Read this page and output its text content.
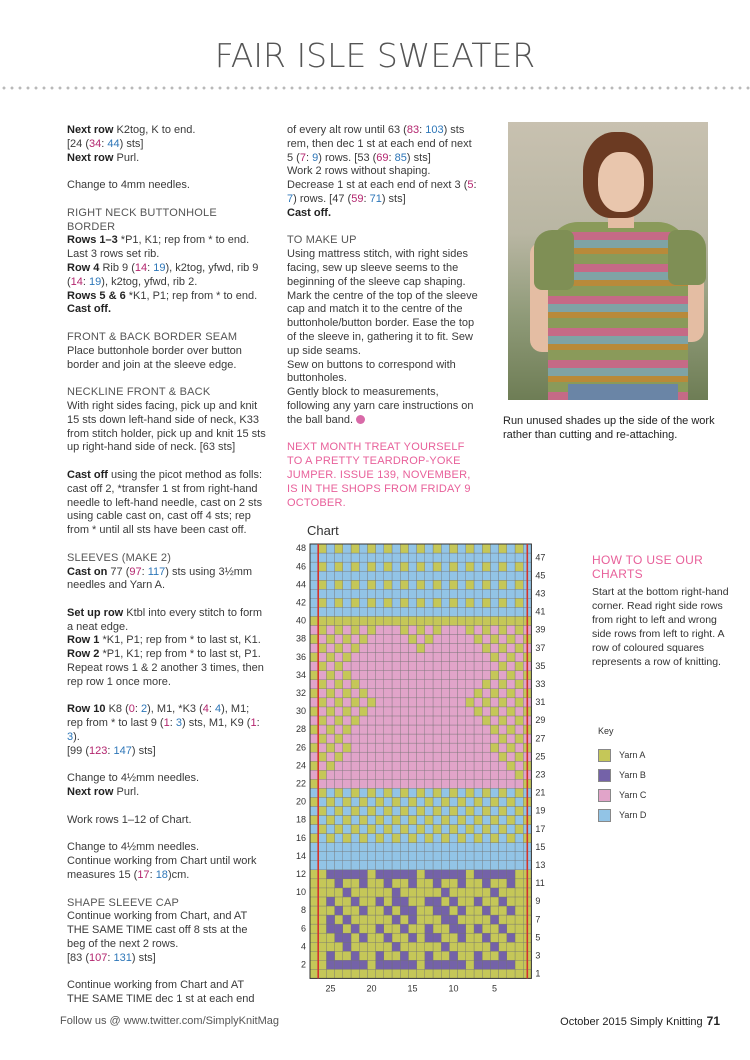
FAIR ISLE SWEATER

Next row K2tog, K to end.
[24 (34: 44) sts]
Next row Purl.

Change to 4mm needles.

RIGHT NECK BUTTONHOLE BORDER

Rows 1–3 *P1, K1; rep from * to end. Last 3 rows set rib.
Row 4 Rib 9 (14: 19), k2tog, yfwd, rib 9 (14: 19), k2tog, yfwd, rib 2.
Rows 5 & 6 *K1, P1; rep from * to end.
Cast off.

FRONT & BACK BORDER SEAM

Place buttonhole border over button border and join at the sleeve edge.

NECKLINE FRONT & BACK

With right sides facing, pick up and knit 15 sts down left-hand side of neck, K33 from stitch holder, pick up and knit 15 sts up right-hand side of neck. [63 sts]

Cast off using the picot method as folls: cast off 2, *transfer 1 st from right-hand needle to left-hand needle, cast on 2 sts using cable cast on, cast off 4 sts; rep from * until all sts have been cast off.

SLEEVES (MAKE 2)

Cast on 77 (97: 117) sts using 3½mm needles and Yarn A.

Set up row Ktbl into every stitch to form a neat edge.
Row 1 *K1, P1; rep from * to last st, K1.
Row 2 *P1, K1; rep from * to last st, P1.
Repeat rows 1 & 2 another 3 times, then rep row 1 once more.

Row 10 K8 (0: 2), M1, *K3 (4: 4), M1; rep from * to last 9 (1: 3) sts, M1, K9 (1: 3).
[99 (123: 147) sts]

Change to 4½mm needles.
Next row Purl.

Work rows 1–12 of Chart.

Change to 4½mm needles.
Continue working from Chart until work measures 15 (17: 18)cm.

SHAPE SLEEVE CAP

Continue working from Chart, and AT THE SAME TIME cast off 8 sts at the beg of the next 2 rows.
[83 (107: 131) sts]

Continue working from Chart and AT THE SAME TIME dec 1 st at each end

of every alt row until 63 (83: 103) sts rem, then dec 1 st at each end of next 5 (7: 9) rows. [53 (69: 85) sts]
Work 2 rows without shaping.
Decrease 1 st at each end of next 3 (5: 7) rows. [47 (59: 71) sts]
Cast off.

TO MAKE UP

Using mattress stitch, with right sides facing, sew up sleeve seems to the beginning of the sleeve cap shaping. Mark the centre of the top of the sleeve cap and match it to the centre of the buttonhole/button border. Ease the top of the sleeve in, gathering it to fit. Sew up side seams.

Sew on buttons to correspond with buttonholes.

Gently block to measurements, following any yarn care instructions on the ball band.

NEXT MONTH TREAT YOURSELF TO A PRETTY TEARDROP-YOKE JUMPER. ISSUE 139, NOVEMBER, IS IN THE SHOPS FROM FRIDAY 9 OCTOBER.

Run unused shades up the side of the work rather than cutting and re-attaching.
Chart
48
46
44
42
40
38
36
34
32
30
28
26
24
22
20
18
16
14
12
10
8
6
4
2
47
45
43
41
39
37
35
33
31
29
27
25
23
21
19
17
15
13
11
9
7
5
3
1
25	20	15	10	5
HOW TO USE OUR CHARTS

Start at the bottom right-hand corner. Read right side rows from right to left and wrong side rows from left to right. A row of coloured squares represents a row of knitting.

Key
Yarn A
Yarn B
Yarn C
Yarn D
Follow us @ www.twitter.com/SimplyKnitMag	October 2015 Simply Knitting 71
